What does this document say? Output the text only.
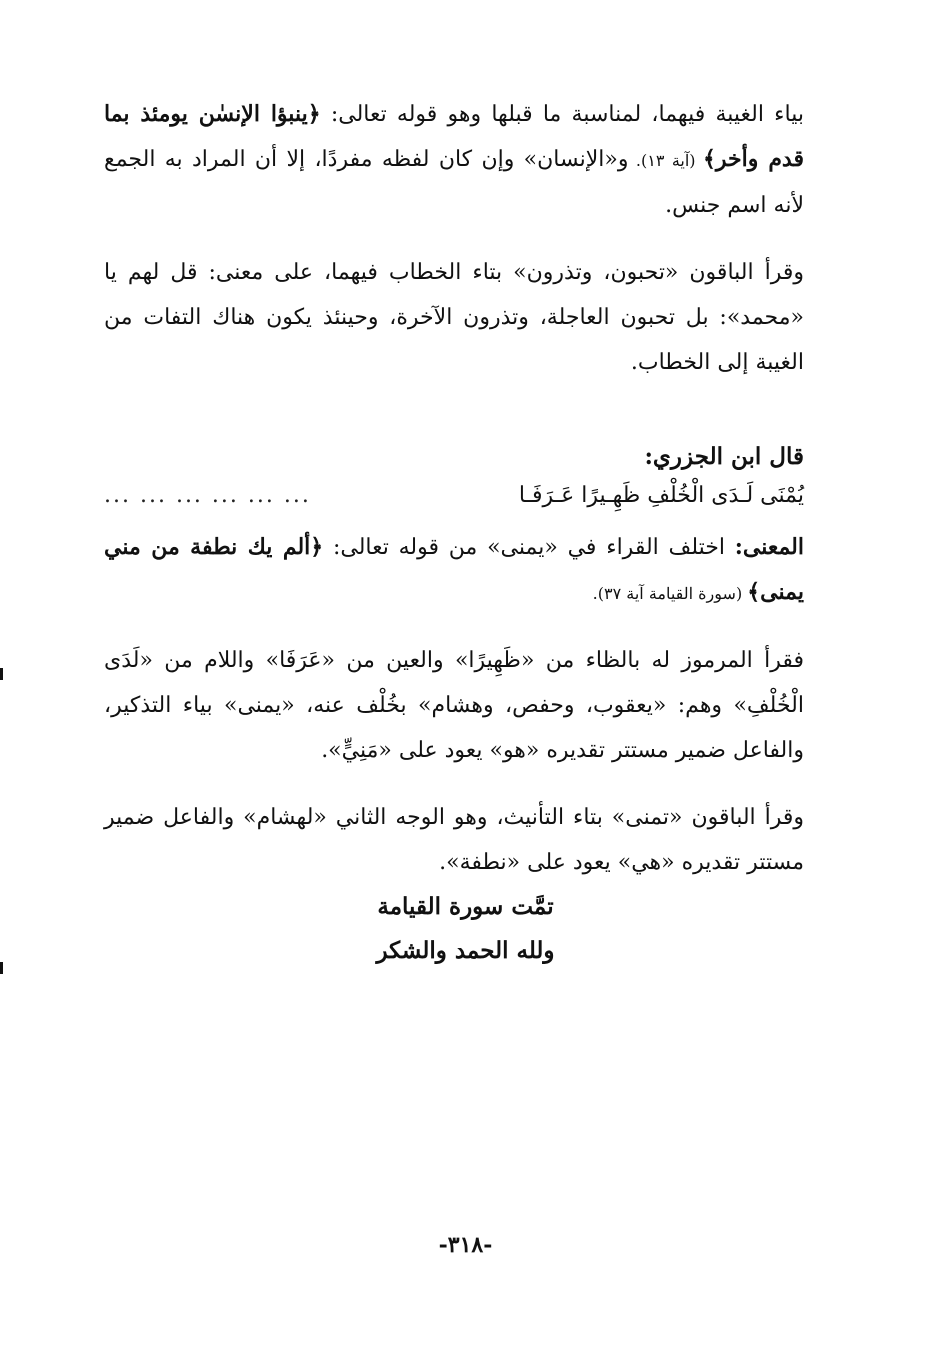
بياء الغيبة فيهما، لمناسبة ما قبلها وهو قوله تعالى: ﴿ينبؤا الإنسٰن يومئذ بما قدم وأخر﴾ (آية ١٣). و«الإنسان» وإن كان لفظه مفردًا، إلا أن المراد به الجمع لأنه اسم جنس.

وقرأ الباقون «تحبون، وتذرون» بتاء الخطاب فيهما، على معنى: قل لهم يا «محمد»: بل تحبون العاجلة، وتذرون الآخرة، وحينئذ يكون هناك التفات من الغيبة إلى الخطاب.

قال ابن الجزري:

يُمْنَى لَـدَى الْخُلْفِ ظَهِـيرًا عَـرَفَـا
... ... ... ... ... ...

المعنى: اختلف القراء في «يمنى» من قوله تعالى: ﴿ألم يك نطفة من مني يمنى﴾ (سورة القيامة آية ٣٧).

فقرأ المرموز له بالظاء من «ظَهِيرًا» والعين من «عَرَفَا» واللام من «لَدَى الْخُلْفِ» وهم: «يعقوب، وحفص، وهشام» بخُلْف عنه، «يمنى» بياء التذكير، والفاعل ضمير مستتر تقديره «هو» يعود على «مَنِيٍّ».

وقرأ الباقون «تمنى» بتاء التأنيث، وهو الوجه الثاني «لهشام» والفاعل ضمير مستتر تقديره «هي» يعود على «نطفة».

تمَّت سورة القيامة
ولله الحمد والشكر
-٣١٨-
